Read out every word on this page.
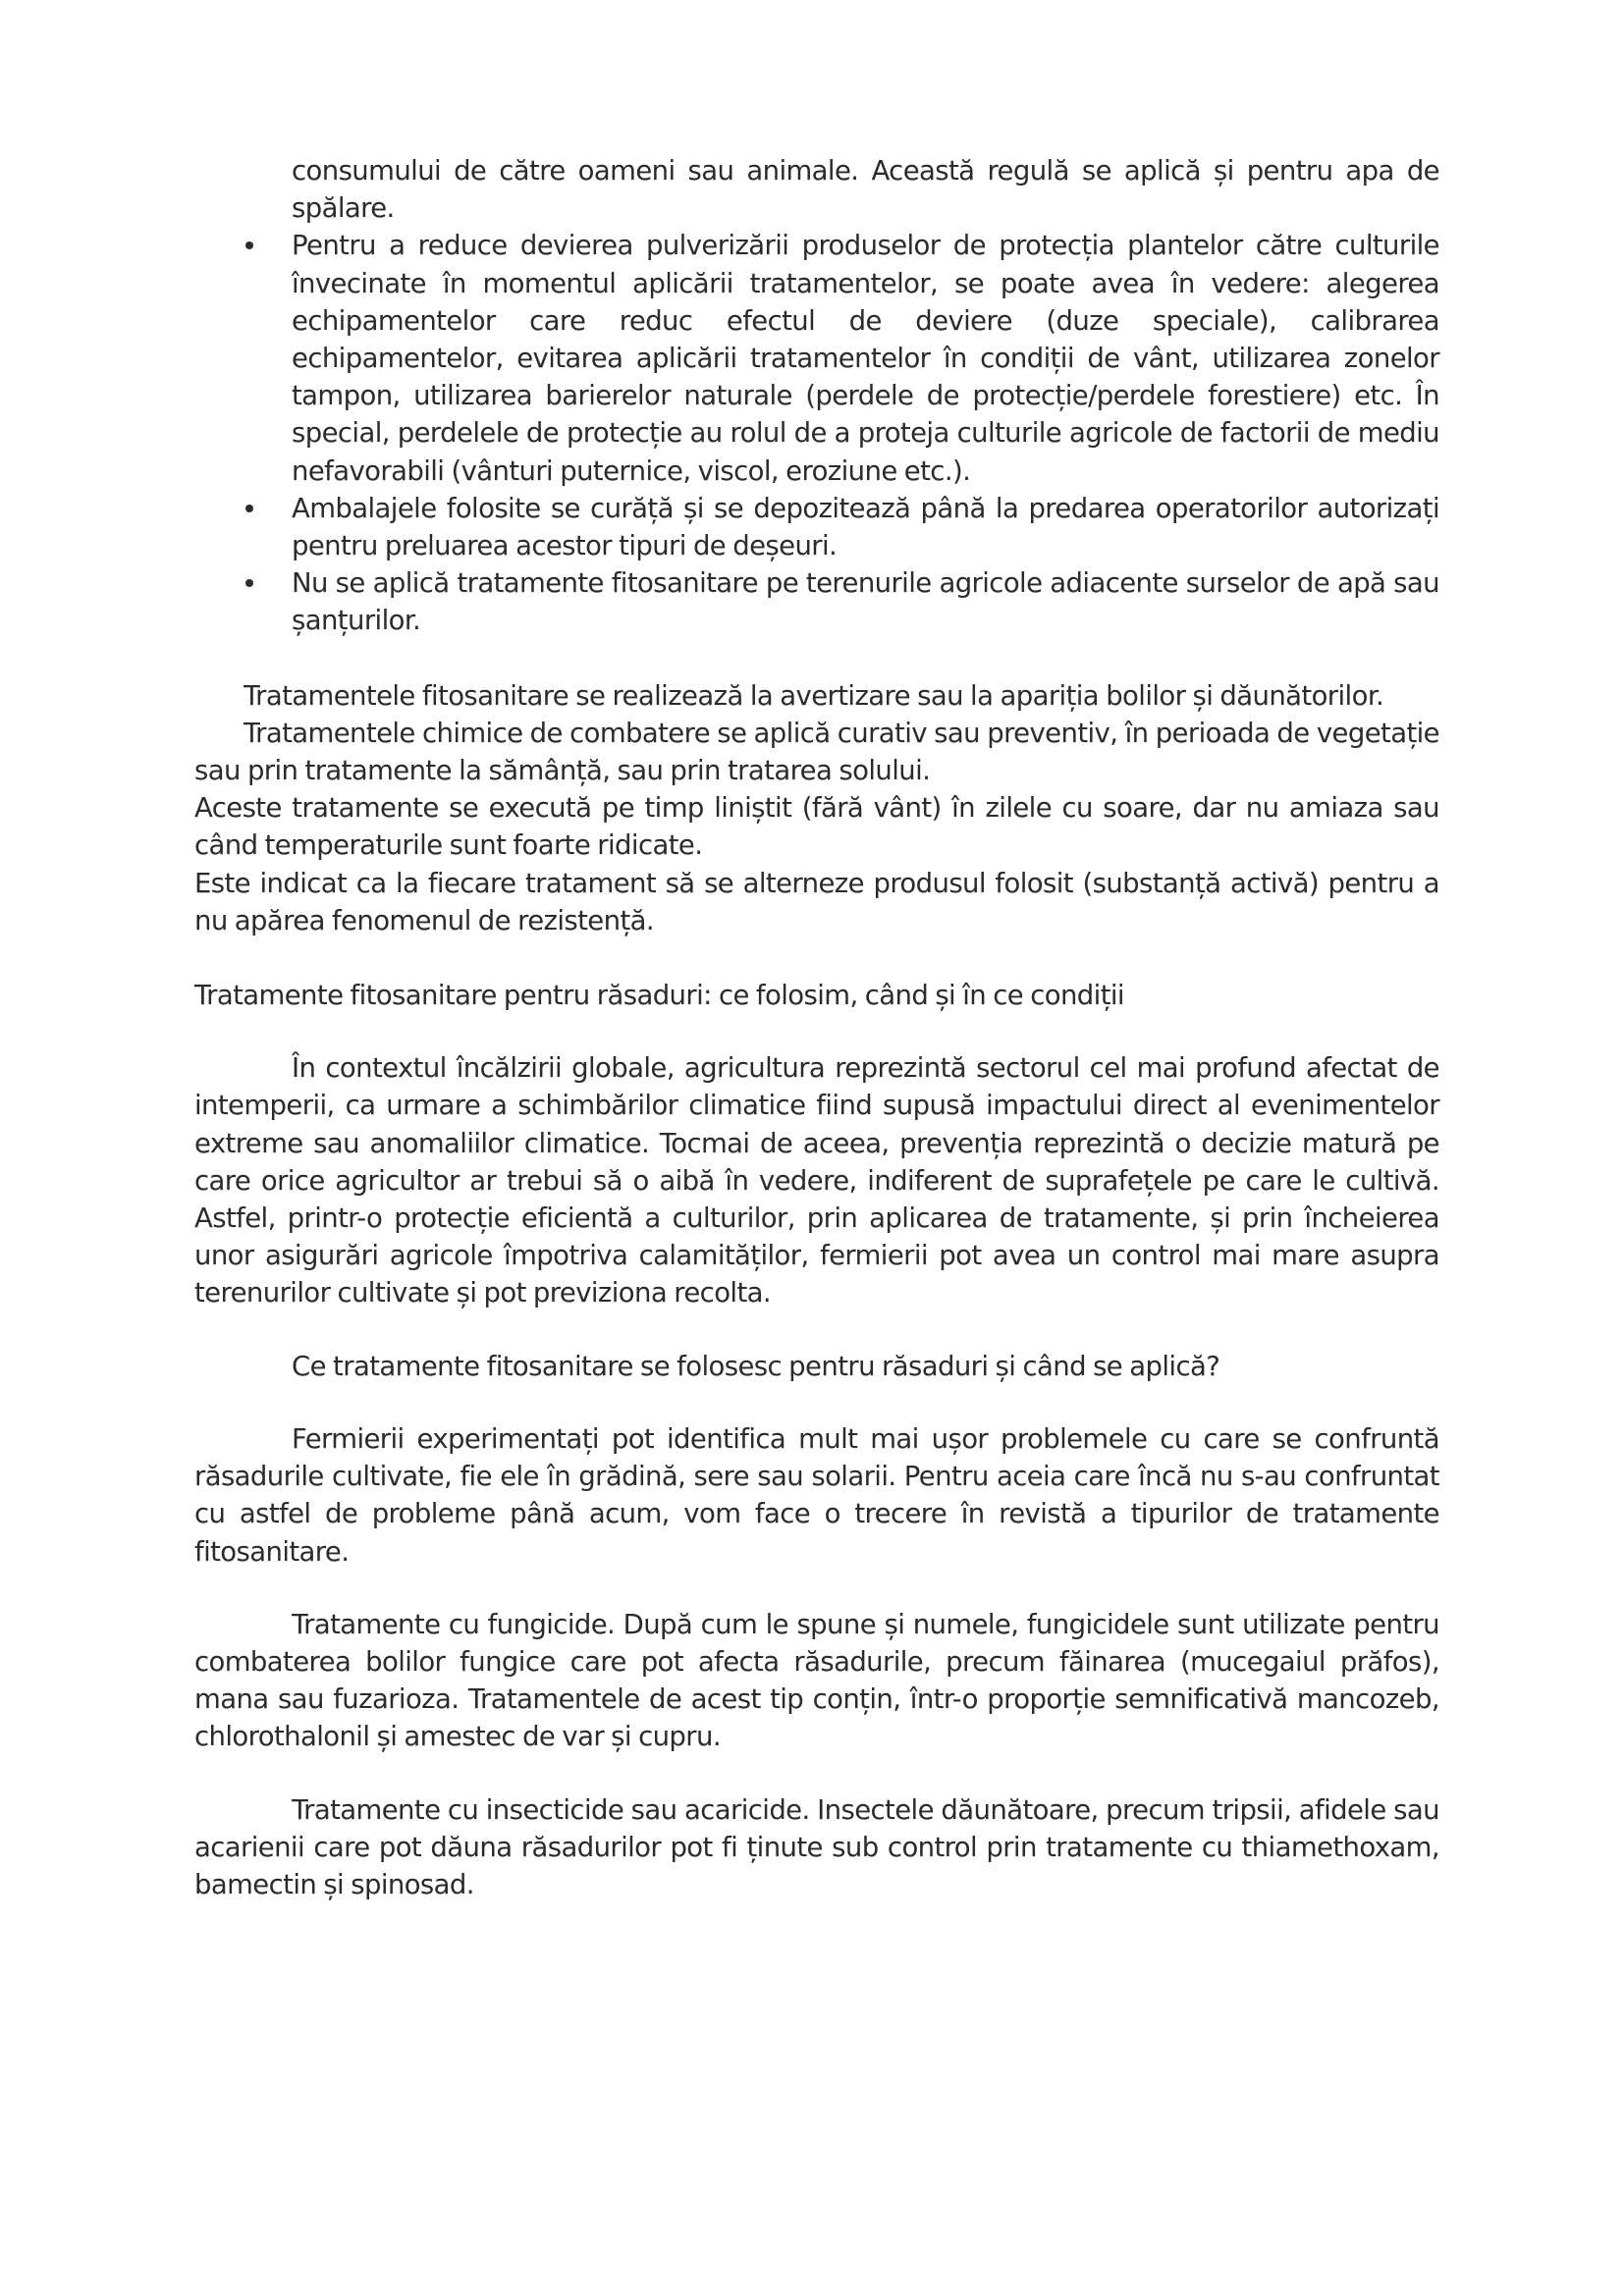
consumului de către oameni sau animale. Această regulă se aplică și pentru apa de spălare.
Pentru a reduce devierea pulverizării produselor de protecția plantelor către culturile învecinate în momentul aplicării tratamentelor, se poate avea în vedere: alegerea echipamentelor care reduc efectul de deviere (duze speciale), calibrarea echipamentelor, evitarea aplicării tratamentelor în condiții de vânt, utilizarea zonelor tampon, utilizarea barierelor naturale (perdele de protecție/perdele forestiere) etc. În special, perdelele de protecție au rolul de a proteja culturile agricole de factorii de mediu nefavorabili (vânturi puternice, viscol, eroziune etc.).
Ambalajele folosite se curăță și se depozitează până la predarea operatorilor autorizați pentru preluarea acestor tipuri de deșeuri.
Nu se aplică tratamente fitosanitare pe terenurile agricole adiacente surselor de apă sau șanțurilor.

Tratamentele fitosanitare se realizează la avertizare sau la apariția bolilor și dăunătorilor.

Tratamentele chimice de combatere se aplică curativ sau preventiv, în perioada de vegetație sau prin tratamente la sămânță, sau prin tratarea solului.

Aceste tratamente se execută pe timp liniștit (fără vânt) în zilele cu soare, dar nu amiaza sau când temperaturile sunt foarte ridicate.

Este indicat ca la fiecare tratament să se alterneze produsul folosit (substanță activă) pentru a nu apărea fenomenul de rezistență.

Tratamente fitosanitare pentru răsaduri: ce folosim, când și în ce condiții

În contextul încălzirii globale, agricultura reprezintă sectorul cel mai profund afectat de intemperii, ca urmare a schimbărilor climatice fiind supusă impactului direct al evenimentelor extreme sau anomaliilor climatice. Tocmai de aceea, prevenția reprezintă o decizie matură pe care orice agricultor ar trebui să o aibă în vedere, indiferent de suprafețele pe care le cultivă. Astfel, printr-o protecție eficientă a culturilor, prin aplicarea de tratamente, și prin încheierea unor asigurări agricole împotriva calamităților, fermierii pot avea un control mai mare asupra terenurilor cultivate și pot previziona recolta.

Ce tratamente fitosanitare se folosesc pentru răsaduri și când se aplică?

Fermierii experimentați pot identifica mult mai ușor problemele cu care se confruntă răsadurile cultivate, fie ele în grădină, sere sau solarii. Pentru aceia care încă nu s-au confruntat cu astfel de probleme până acum, vom face o trecere în revistă a tipurilor de tratamente fitosanitare.

Tratamente cu fungicide. După cum le spune și numele, fungicidele sunt utilizate pentru combaterea bolilor fungice care pot afecta răsadurile, precum făinarea (mucegaiul prăfos), mana sau fuzarioza. Tratamentele de acest tip conțin, într-o proporție semnificativă mancozeb, chlorothalonil și amestec de var și cupru.

Tratamente cu insecticide sau acaricide. Insectele dăunătoare, precum tripsii, afidele sau acarienii care pot dăuna răsadurilor pot fi ținute sub control prin tratamente cu thiamethoxam, bamectin și spinosad.
